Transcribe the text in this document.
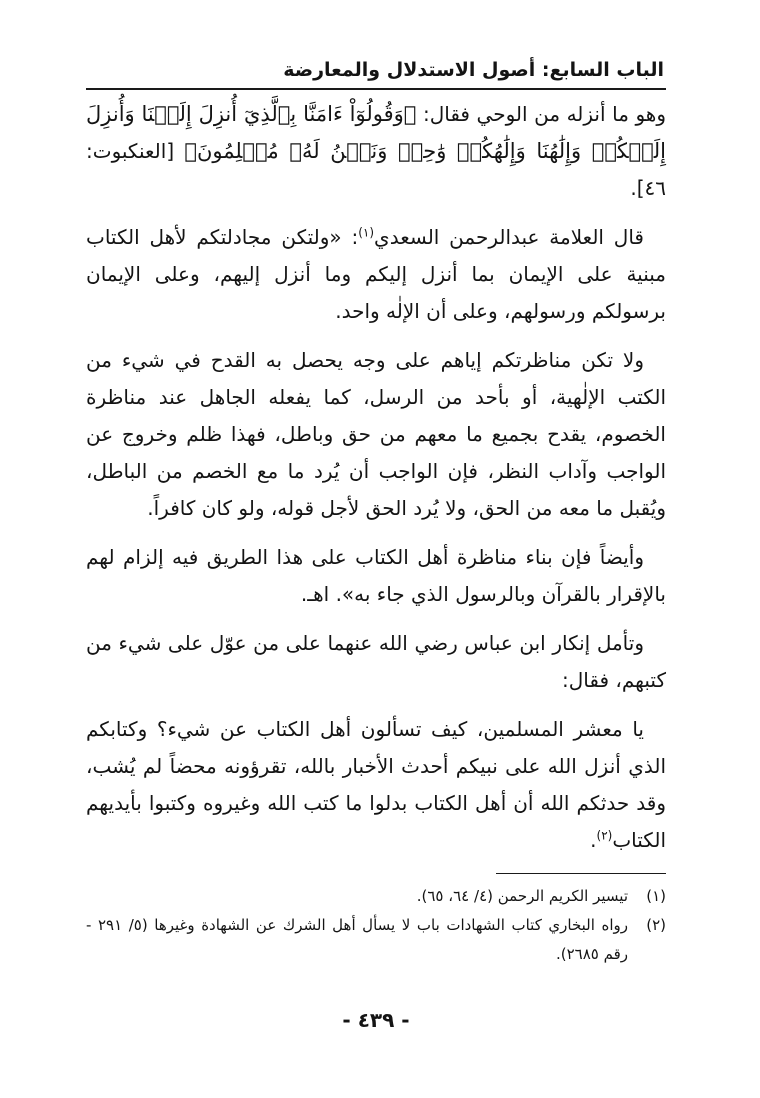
الباب السابع: أصول الاستدلال والمعارضة

وهو ما أنزله من الوحي فقال: ﴿وَقُولُوٓاْ ءَامَنَّا بِٱلَّذِيٓ أُنزِلَ إِلَيۡنَا وَأُنزِلَ إِلَيۡكُمۡ وَإِلَٰهُنَا وَإِلَٰهُكُمۡ وَٰحِدٞ وَنَحۡنُ لَهُۥ مُسۡلِمُونَ﴾ [العنكبوت: ٤٦].

قال العلامة عبدالرحمن السعدي$^{(١)}$: «ولتكن مجادلتكم لأهل الكتاب مبنية على الإيمان بما أنزل إليكم وما أنزل إليهم، وعلى الإيمان برسولكم ورسولهم، وعلى أن الإلٰه واحد.

ولا تكن مناظرتكم إياهم على وجه يحصل به القدح في شيء من الكتب الإلٰهية، أو بأحد من الرسل، كما يفعله الجاهل عند مناظرة الخصوم، يقدح بجميع ما معهم من حق وباطل، فهذا ظلم وخروج عن الواجب وآداب النظر، فإن الواجب أن يُرد ما مع الخصم من الباطل، ويُقبل ما معه من الحق، ولا يُرد الحق لأجل قوله، ولو كان كافراً.

وأيضاً فإن بناء مناظرة أهل الكتاب على هذا الطريق فيه إلزام لهم بالإقرار بالقرآن وبالرسول الذي جاء به». اهـ.

وتأمل إنكار ابن عباس رضي الله عنهما على من عوّل على شيء من كتبهم، فقال:

يا معشر المسلمين، كيف تسألون أهل الكتاب عن شيء؟ وكتابكم الذي أنزل الله على نبيكم أحدث الأخبار بالله، تقرؤونه محضاً لم يُشب، وقد حدثكم الله أن أهل الكتاب بدلوا ما كتب الله وغيروه وكتبوا بأيديهم الكتاب$^{(٢)}$.

(١)
تيسير الكريم الرحمن (٤/ ٦٤، ٦٥).
(٢)
رواه البخاري كتاب الشهادات باب لا يسأل أهل الشرك عن الشهادة وغيرها (٥/ ٢٩١ - رقم ٢٦٨٥).
- ٤٣٩ -
